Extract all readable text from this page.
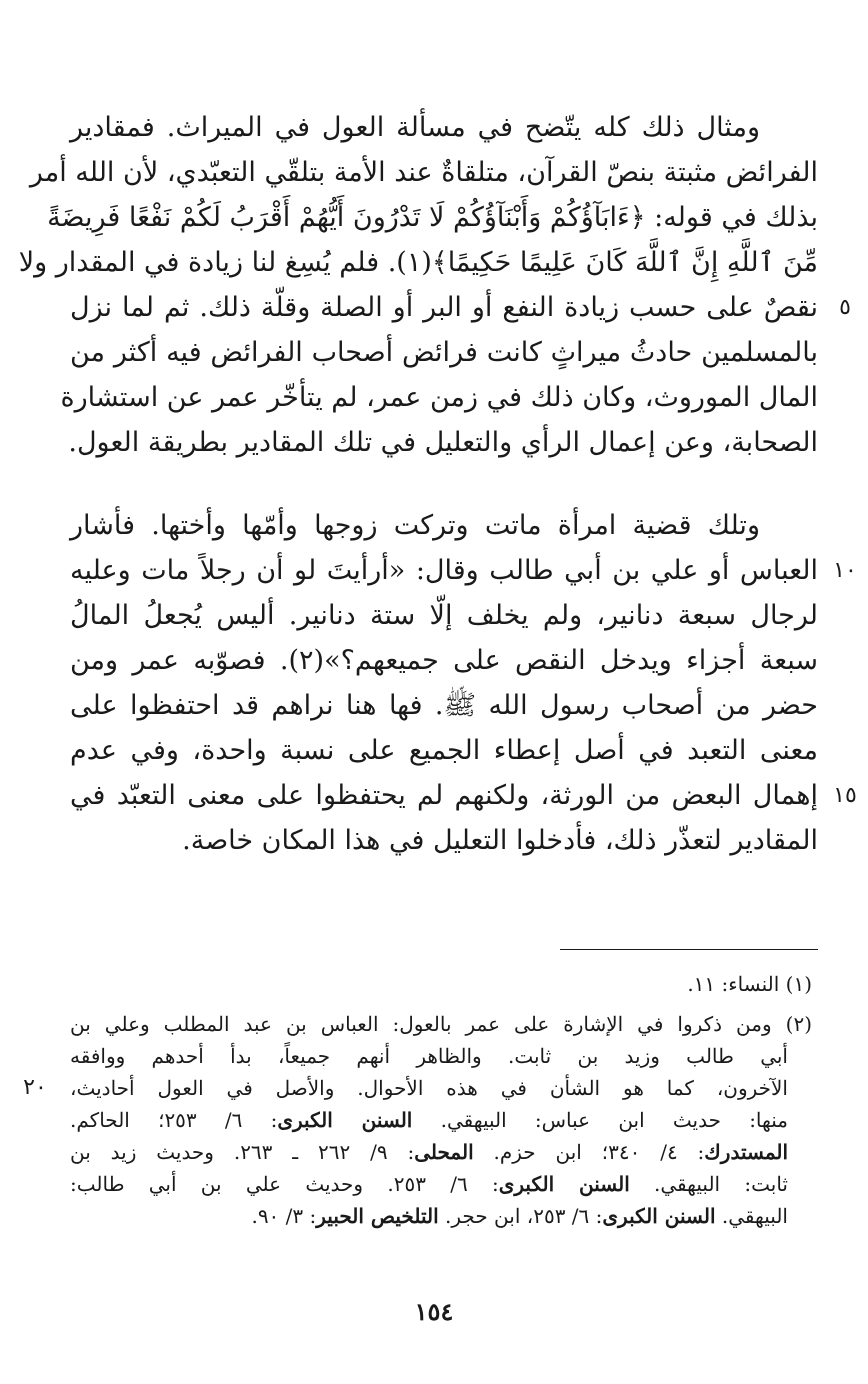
ومثال ذلك كله يتّضح في مسألة العول في الميراث. فمقادير
الفرائض مثبتة بنصّ القرآن، متلقاةٌ عند الأمة بتلقّي التعبّدي، لأن الله أمر
بذلك في قوله: ﴿ءَابَآؤُكُمْ وَأَبْنَآؤُكُمْ لَا تَدْرُونَ أَيُّهُمْ أَقْرَبُ لَكُمْ نَفْعًا فَرِيضَةً
مِّنَ ٱللَّهِ إِنَّ ٱللَّهَ كَانَ عَلِيمًا حَكِيمًا﴾(١). فلم يُسِغ لنا زيادة في المقدار ولا
نقصٌ على حسب زيادة النفع أو البر أو الصلة وقلّة ذلك. ثم لما نزل
بالمسلمين حادثُ ميراثٍ كانت فرائض أصحاب الفرائض فيه أكثر من
المال الموروث، وكان ذلك في زمن عمر، لم يتأخّر عمر عن استشارة
الصحابة، وعن إعمال الرأي والتعليل في تلك المقادير بطريقة العول.
وتلك قضية امرأة ماتت وتركت زوجها وأمّها وأختها. فأشار
العباس أو علي بن أبي طالب وقال: «أرأيتَ لو أن رجلاً مات وعليه
لرجال سبعة دنانير، ولم يخلف إلّا ستة دنانير. أليس يُجعلُ المالُ
سبعة أجزاء ويدخل النقص على جميعهم؟»(٢). فصوّبه عمر ومن
حضر من أصحاب رسول الله ﷺ. فها هنا نراهم قد احتفظوا على
معنى التعبد في أصل إعطاء الجميع على نسبة واحدة، وفي عدم
إهمال البعض من الورثة، ولكنهم لم يحتفظوا على معنى التعبّد في
المقادير لتعذّر ذلك، فأدخلوا التعليل في هذا المكان خاصة.
٥
١٠
١٥
(١) النساء: ١١.
(٢) ومن ذكروا في الإشارة على عمر بالعول: العباس بن عبد المطلب وعلي بن
أبي طالب وزيد بن ثابت. والظاهر أنهم جميعاً، بدأ أحدهم ووافقه
الآخرون، كما هو الشأن في هذه الأحوال. والأصل في العول أحاديث،
منها: حديث ابن عباس: البيهقي. السنن الكبرى: ٦/ ٢٥٣؛ الحاكم.
المستدرك: ٤/ ٣٤٠؛ ابن حزم. المحلى: ٩/ ٢٦٢ ـ ٢٦٣. وحديث زيد بن
ثابت: البيهقي. السنن الكبرى: ٦/ ٢٥٣. وحديث علي بن أبي طالب:
البيهقي. السنن الكبرى: ٦/ ٢٥٣، ابن حجر. التلخيص الحبير: ٣/ ٩٠.
٢٠
١٥٤
